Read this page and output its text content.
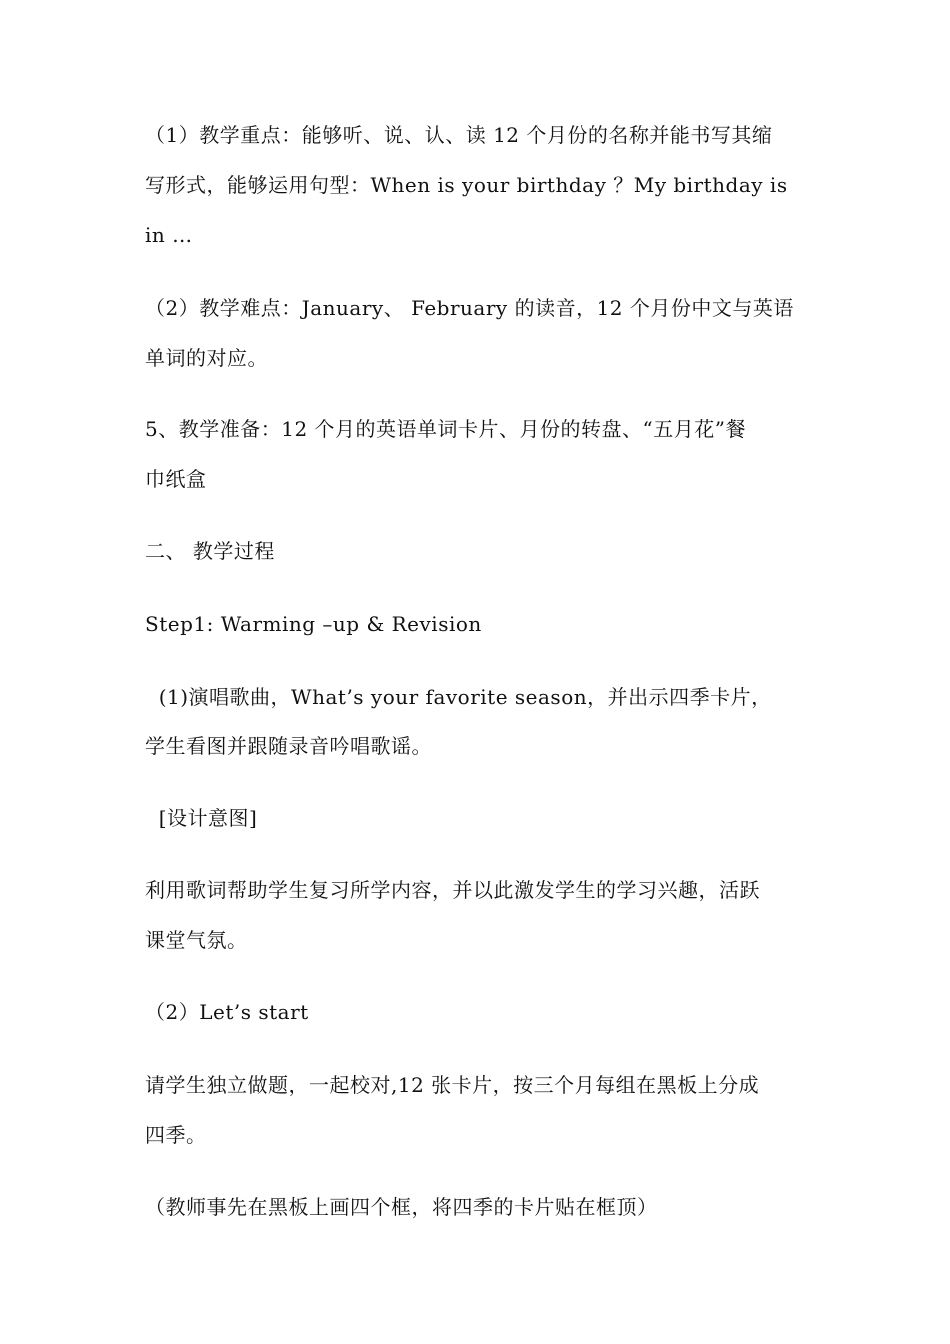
（1）教学重点：能够听、说、认、读 12 个月份的名称并能书写其缩
写形式，能够运用句型：When is your birthday ？My birthday is
in …
（2）教学难点：January、 February 的读音，12 个月份中文与英语
单词的对应。
5、教学准备：12 个月的英语单词卡片、月份的转盘、“五月花”餐
巾纸盒
二、 教学过程
Step1: Warming –up & Revision
(1)演唱歌曲，What’s your favorite season，并出示四季卡片，
学生看图并跟随录音吟唱歌谣。
[设计意图]
利用歌词帮助学生复习所学内容，并以此激发学生的学习兴趣，活跃
课堂气氛。
（2）Let’s start
请学生独立做题，一起校对,12 张卡片，按三个月每组在黑板上分成
四季。
（教师事先在黑板上画四个框，将四季的卡片贴在框顶）
